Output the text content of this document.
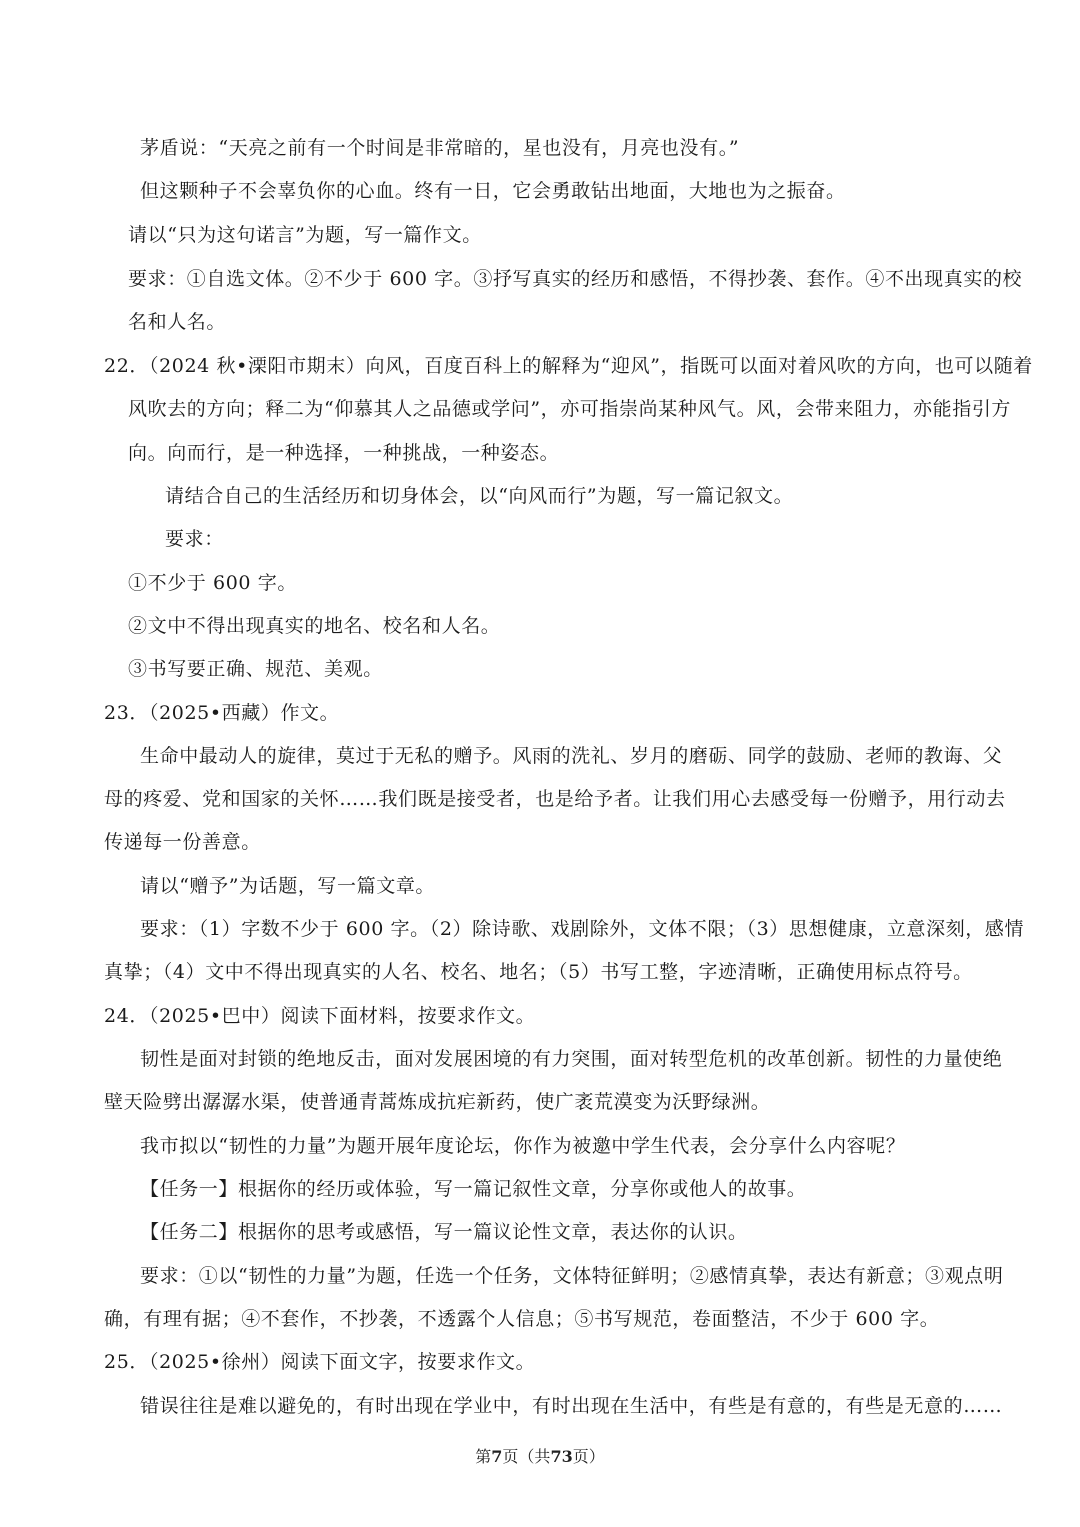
茅盾说：“天亮之前有一个时间是非常暗的，星也没有，月亮也没有。”
但这颗种子不会辜负你的心血。终有一日，它会勇敢钻出地面，大地也为之振奋。
请以“只为这句诺言”为题，写一篇作文。
要求：①自选文体。②不少于 600 字。③抒写真实的经历和感悟，不得抄袭、套作。④不出现真实的校
名和人名。
22．（2024 秋•溧阳市期末）向风，百度百科上的解释为“迎风”，指既可以面对着风吹的方向，也可以随着
风吹去的方向；释二为“仰慕其人之品德或学问”，亦可指崇尚某种风气。风，会带来阻力，亦能指引方
向。向而行，是一种选择，一种挑战，一种姿态。
请结合自己的生活经历和切身体会，以“向风而行”为题，写一篇记叙文。
要求：
①不少于 600 字。
②文中不得出现真实的地名、校名和人名。
③书写要正确、规范、美观。
23．（2025•西藏）作文。
生命中最动人的旋律，莫过于无私的赠予。风雨的洗礼、岁月的磨砺、同学的鼓励、老师的教诲、父
母的疼爱、党和国家的关怀……我们既是接受者，也是给予者。让我们用心去感受每一份赠予，用行动去
传递每一份善意。
请以“赠予”为话题，写一篇文章。
要求：（1）字数不少于 600 字。（2）除诗歌、戏剧除外，文体不限；（3）思想健康，立意深刻，感情
真挚；（4）文中不得出现真实的人名、校名、地名；（5）书写工整，字迹清晰，正确使用标点符号。
24．（2025•巴中）阅读下面材料，按要求作文。
韧性是面对封锁的绝地反击，面对发展困境的有力突围，面对转型危机的改革创新。韧性的力量使绝
壁天险劈出潺潺水渠，使普通青蒿炼成抗疟新药，使广袤荒漠变为沃野绿洲。
我市拟以“韧性的力量”为题开展年度论坛，你作为被邀中学生代表，会分享什么内容呢？
【任务一】根据你的经历或体验，写一篇记叙性文章，分享你或他人的故事。
【任务二】根据你的思考或感悟，写一篇议论性文章，表达你的认识。
要求：①以“韧性的力量”为题，任选一个任务，文体特征鲜明；②感情真挚，表达有新意；③观点明
确，有理有据；④不套作，不抄袭，不透露个人信息；⑤书写规范，卷面整洁，不少于 600 字。
25．（2025•徐州）阅读下面文字，按要求作文。
错误往往是难以避免的，有时出现在学业中，有时出现在生活中，有些是有意的，有些是无意的……
第7页（共73页）
